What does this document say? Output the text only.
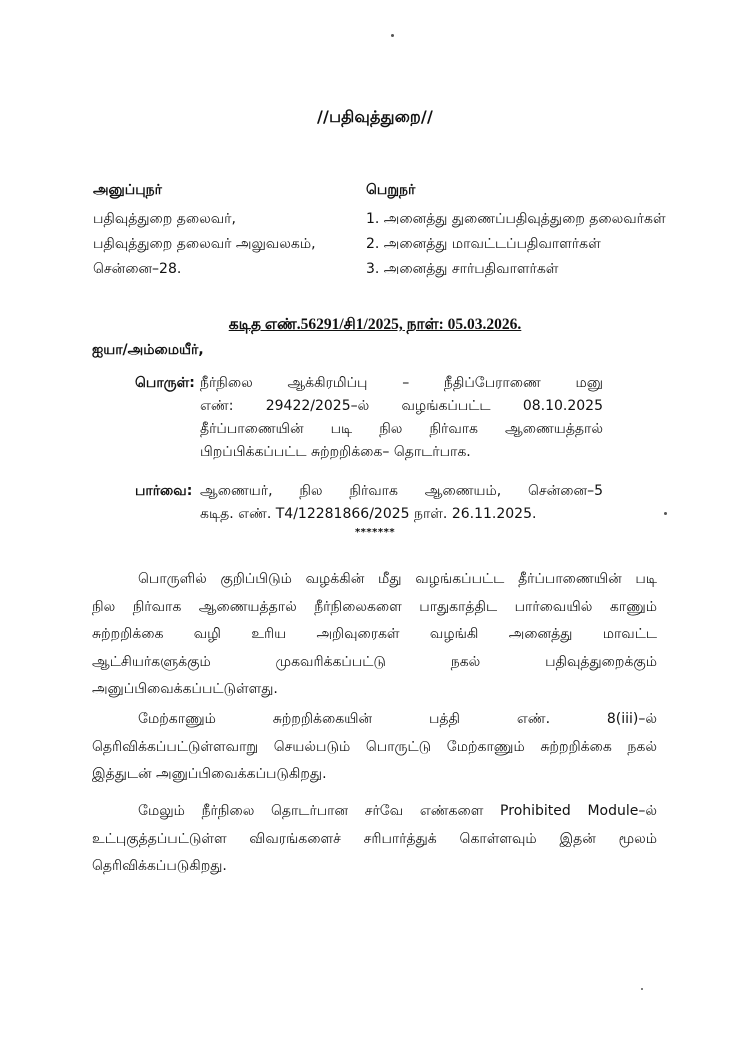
//பதிவுத்துறை//
அனுப்புநர்
பதிவுத்துறை தலைவர்,
பதிவுத்துறை தலைவர் அலுவலகம்,
சென்னை–28.
பெறுநர்
1. அனைத்து துணைப்பதிவுத்துறை தலைவர்கள்
2. அனைத்து மாவட்டப்பதிவாளர்கள்
3. அனைத்து சார்பதிவாளர்கள்
கடித எண்.56291/சி1/2025, நாள்: 05.03.2026.
ஐயா/அம்மையீர்,
பொருள்: நீர்நிலை ஆக்கிரமிப்பு – நீதிப்பேராணை மனு
எண்: 29422/2025–ல் வழங்கப்பட்ட 08.10.2025
தீர்ப்பாணையின் படி நில நிர்வாக ஆணையத்தால்
பிறப்பிக்கப்பட்ட சுற்றறிக்கை– தொடர்பாக.
பார்வை: ஆணையர், நில நிர்வாக ஆணையம், சென்னை–5
கடித. எண். T4/12281866/2025 நாள். 26.11.2025.
*******
பொருளில் குறிப்பிடும் வழக்கின் மீது வழங்கப்பட்ட தீர்ப்பாணையின் படி
நில நிர்வாக ஆணையத்தால் நீர்நிலைகளை பாதுகாத்திட பார்வையில் காணும்
சுற்றறிக்கை வழி உரிய அறிவுரைகள் வழங்கி அனைத்து மாவட்ட
ஆட்சியர்களுக்கும் முகவரிக்கப்பட்டு நகல் பதிவுத்துறைக்கும்
அனுப்பிவைக்கப்பட்டுள்ளது.
மேற்காணும் சுற்றறிக்கையின் பத்தி எண். 8(iii)–ல்
தெரிவிக்கப்பட்டுள்ளவாறு செயல்படும் பொருட்டு மேற்காணும் சுற்றறிக்கை நகல்
இத்துடன் அனுப்பிவைக்கப்படுகிறது.
மேலும் நீர்நிலை தொடர்பான சர்வே எண்களை Prohibited Module–ல்
உட்புகுத்தப்பட்டுள்ள விவரங்களைச் சரிபார்த்துக் கொள்ளவும் இதன் மூலம்
தெரிவிக்கப்படுகிறது.
